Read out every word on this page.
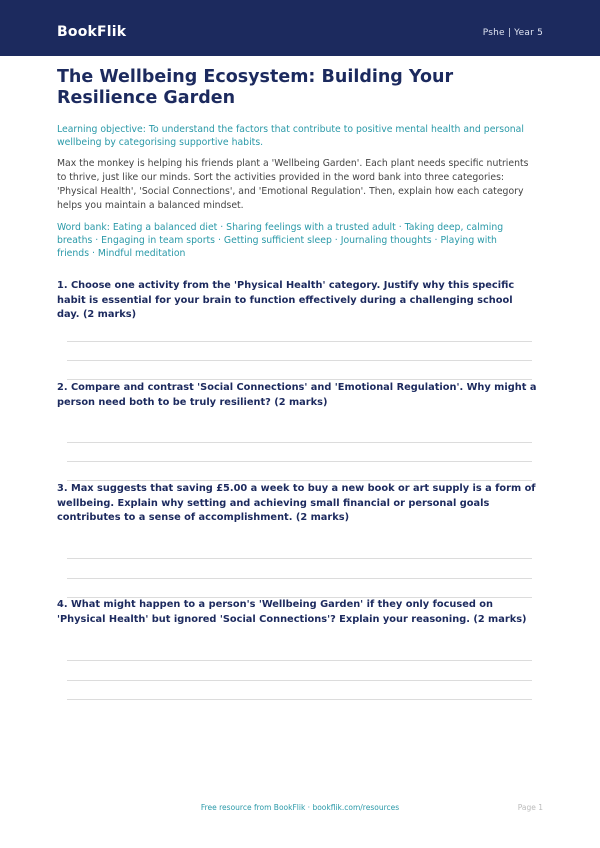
BookFlik	Pshe | Year 5
The Wellbeing Ecosystem: Building Your Resilience Garden
Learning objective: To understand the factors that contribute to positive mental health and personal wellbeing by categorising supportive habits.
Max the monkey is helping his friends plant a 'Wellbeing Garden'. Each plant needs specific nutrients to thrive, just like our minds. Sort the activities provided in the word bank into three categories: 'Physical Health', 'Social Connections', and 'Emotional Regulation'. Then, explain how each category helps you maintain a balanced mindset.
Word bank: Eating a balanced diet · Sharing feelings with a trusted adult · Taking deep, calming breaths · Engaging in team sports · Getting sufficient sleep · Journaling thoughts · Playing with friends · Mindful meditation
1. Choose one activity from the 'Physical Health' category. Justify why this specific habit is essential for your brain to function effectively during a challenging school day. (2 marks)
2. Compare and contrast 'Social Connections' and 'Emotional Regulation'. Why might a person need both to be truly resilient? (2 marks)
3. Max suggests that saving £5.00 a week to buy a new book or art supply is a form of wellbeing. Explain why setting and achieving small financial or personal goals contributes to a sense of accomplishment. (2 marks)
4. What might happen to a person's 'Wellbeing Garden' if they only focused on 'Physical Health' but ignored 'Social Connections'? Explain your reasoning. (2 marks)
Free resource from BookFlik · bookflik.com/resources	Page 1
